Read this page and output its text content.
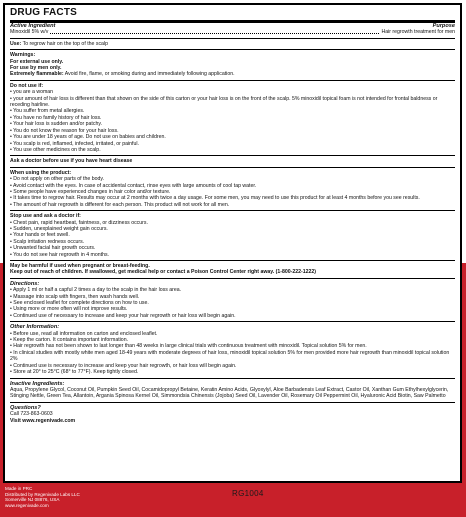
DRUG FACTS
Active Ingredient	Purpose
Minoxidil 5% w/v	Hair regrowth treatment for men
Use: To regrow hair on the top of the scalp
Warnings:
For external use only.
For use by men only.
Extremely flammable: Avoid fire, flame, or smoking during and immediately following application.
Do not use if:
• you are a woman
• your amount of hair loss is different than that shown on the side of this carton or your hair loss is on the front of the scalp. 5% minoxidil topical foam is not intended for frontal baldness or receding hairline.
• You suffer from metal allergies.
• You have no family history of hair loss.
• Your hair loss is sudden and/or patchy.
• You do not know the reason for your hair loss.
• You are under 18 years of age. Do not use on babies and children.
• You scalp is red, inflamed, infected, irritated, or painful.
• You use other medicines on the scalp.
Ask a doctor before use if you have heart disease
When using the product:
• Do not apply on other parts of the body.
• Avoid contact with the eyes. In case of accidental contact, rinse eyes with large amounts of cool tap water.
• Some people have experienced changes in hair color and/or texture.
• It takes time to regrow hair. Results may occur at 2 months with twice a day usage. For some men, you may need to use this product for at least 4 months before you see results.
• The amount of hair regrowth is different for each person. This product will not work for all men.
Stop use and ask a doctor if:
• Chest pain, rapid heartbeat, faintness, or dizziness occurs.
• Sudden, unexplained weight gain occurs.
• Your hands or feet swell.
• Scalp irritation redness occurs.
• Unwanted facial hair growth occurs.
• You do not see hair regrowth in 4 months.
May be harmful if used when pregnant or breast-feeding.
Keep out of reach of children. If swallowed, get medical help or contact a Poison Control Center right away. (1-800-222-1222)
Directions:
• Apply 1 ml or half a capful 2 times a day to the scalp in the hair loss area.
• Massage into scalp with fingers, then wash hands well.
• See enclosed leaflet for complete directions on how to use.
• Using more or more often will not improve results.
• Continued use of necessary to increase and keep your hair regrowth or hair loss will begin again.
Other Information:
• Before use, read all information on carton and enclosed leaflet.
• Keep the carton. It contains important information.
• Hair regrowth has not been shown to last longer than 48 weeks in large clinical trials with continuous treatment with minoxidil. Topical solution 5% for men.
• In clinical studies with mostly white men aged 18-49 years with moderate degrees of hair loss, minoxidil topical solution 5% for men provided more hair regrowth than minoxidil topical solution 2%
• Continued use is necessary to increase and keep your hair regrowth, or hair loss will begin again.
• Store at 20° to 25°C (68° to 77°F). Keep tightly closed.
Inactive Ingredients:
Aqua, Propylene Glycol, Coconut Oil, Pumpkin Seed Oil, Cocamidopropyl Betaine, Keratin Amino Acids, Glyoxylyl, Aloe Barbadensis Leaf Extract, Castor Oil, Xanthan Gum Ethylhexylglycerin, Stinging Nettle, Green Tea, Allantoin, Argania Spinosa Kernel Oil, Simmondsia Chinensis (Jojoba) Seed Oil, Lavender Oil, Rosemary Oil Peppermint Oil, Hyaluronic Acid Biotin, Saw Palmetto
Questions?
Call 723-863-0603
Visit www.regenivade.com
Made in PRC
Distributed by Regenivade Labs LLC
Somerville NJ 08876, USA
www.regenivade.com
RG1004
